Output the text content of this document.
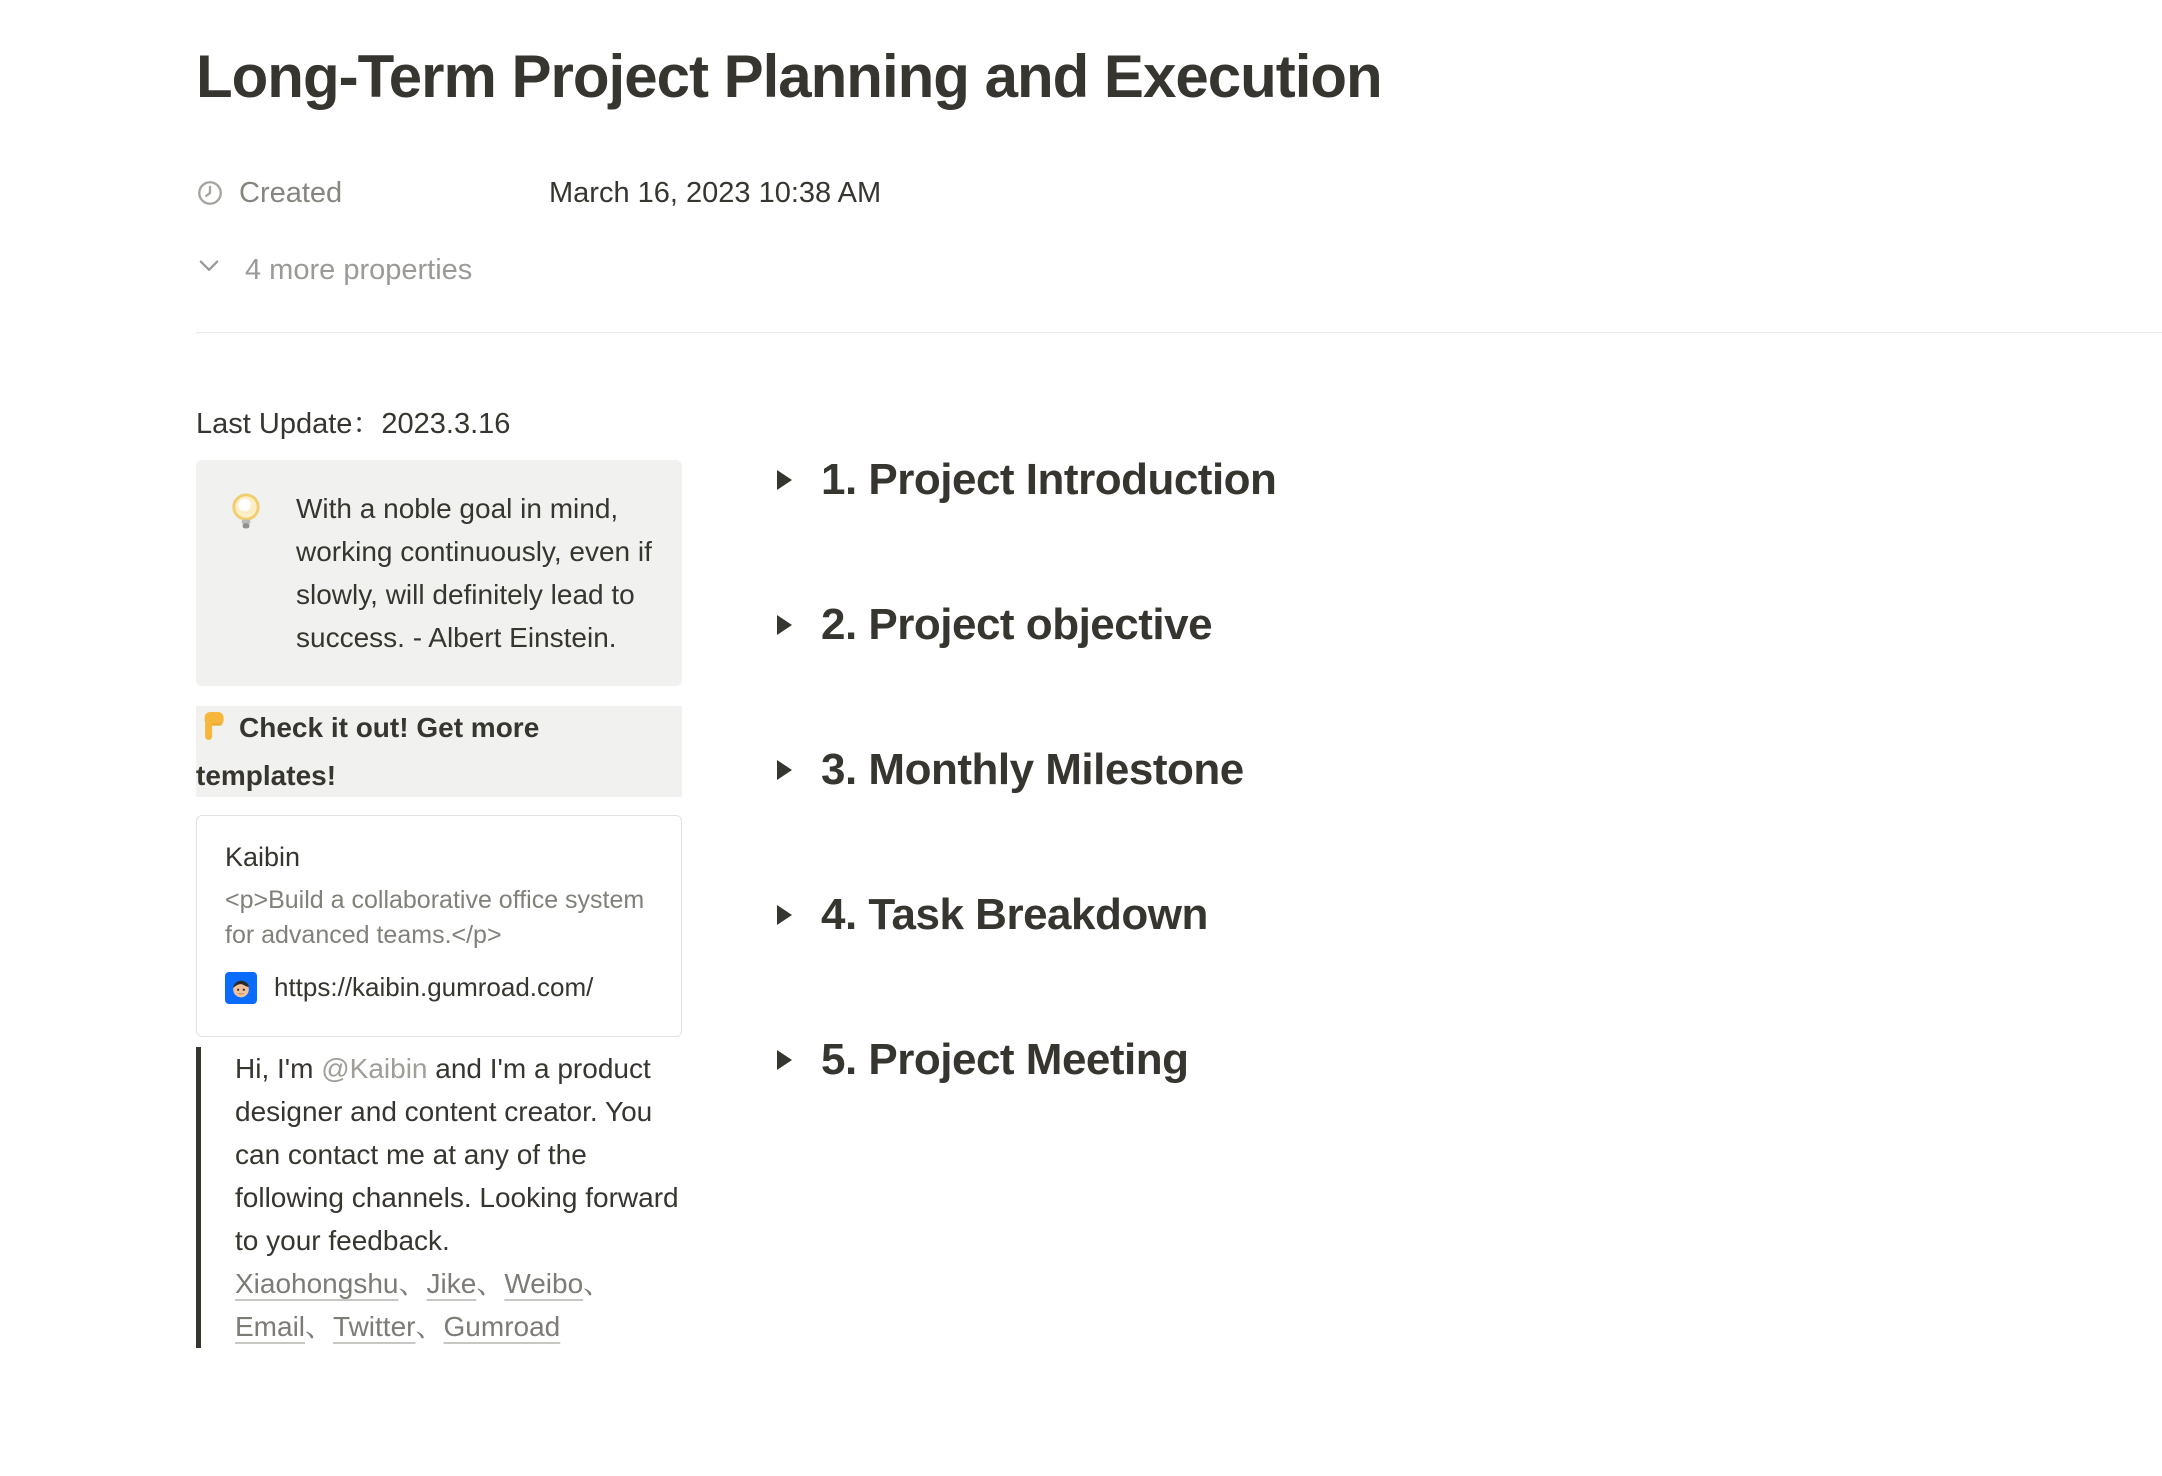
Long-Term Project Planning and Execution
Created	March 16, 2023 10:38 AM
4 more properties
Last Update：2023.3.16
With a noble goal in mind, working continuously, even if slowly, will definitely lead to success. - Albert Einstein.
Check it out! Get more templates!
Kaibin
<p>Build a collaborative office system for advanced teams.</p>
https://kaibin.gumroad.com/

Hi, I'm @Kaibin and I'm a product designer and content creator. You can contact me at any of the following channels. Looking forward to your feedback.

Xiaohongshu、Jike、Weibo、Email、Twitter、Gumroad

1. Project Introduction
2. Project objective
3. Monthly Milestone
4. Task Breakdown
5. Project Meeting
